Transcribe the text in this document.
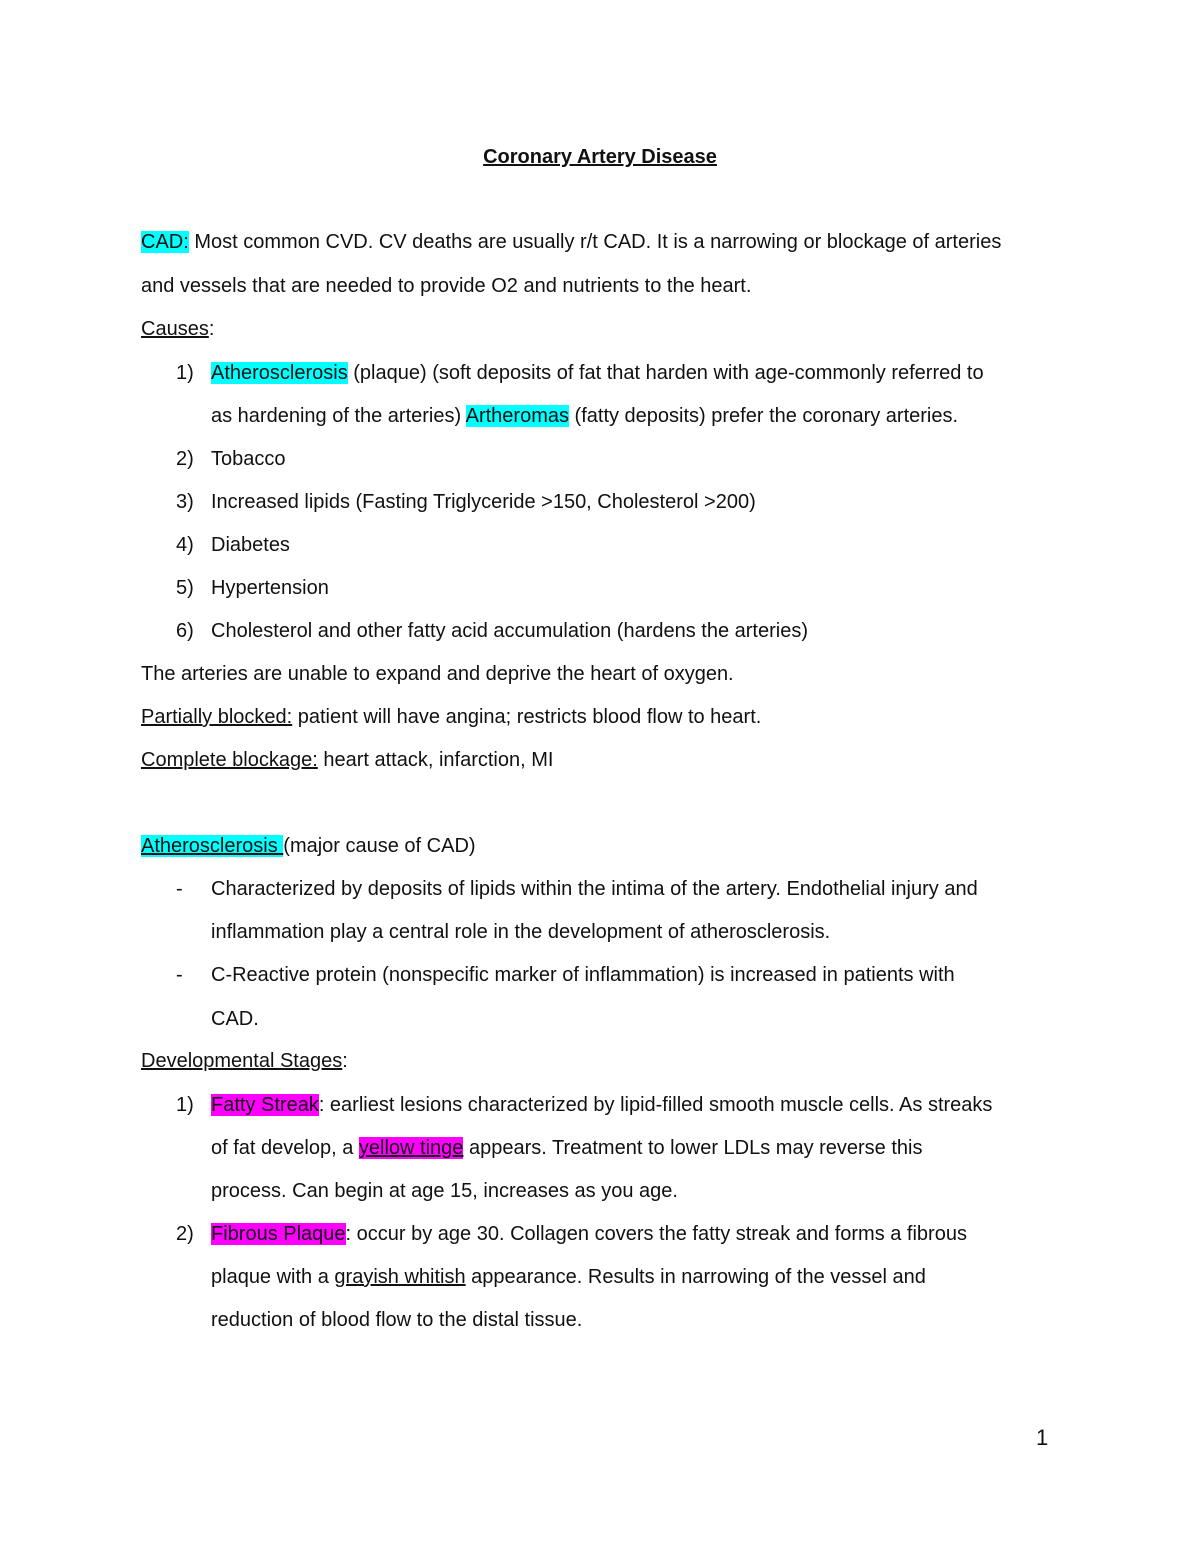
Coronary Artery Disease
CAD: Most common CVD. CV deaths are usually r/t CAD. It is a narrowing or blockage of arteries
and vessels that are needed to provide O2 and nutrients to the heart.
Causes:
1) Atherosclerosis (plaque) (soft deposits of fat that harden with age-commonly referred to
as hardening of the arteries) Artheromas (fatty deposits) prefer the coronary arteries.
2) Tobacco
3) Increased lipids (Fasting Triglyceride >150, Cholesterol >200)
4) Diabetes
5) Hypertension
6) Cholesterol and other fatty acid accumulation (hardens the arteries)
The arteries are unable to expand and deprive the heart of oxygen.
Partially blocked: patient will have angina; restricts blood flow to heart.
Complete blockage: heart attack, infarction, MI
Atherosclerosis (major cause of CAD)
- Characterized by deposits of lipids within the intima of the artery. Endothelial injury and
inflammation play a central role in the development of atherosclerosis.
- C-Reactive protein (nonspecific marker of inflammation) is increased in patients with
CAD.
Developmental Stages:
1) Fatty Streak: earliest lesions characterized by lipid-filled smooth muscle cells. As streaks
of fat develop, a yellow tinge appears. Treatment to lower LDLs may reverse this
process. Can begin at age 15, increases as you age.
2) Fibrous Plaque: occur by age 30. Collagen covers the fatty streak and forms a fibrous
plaque with a grayish whitish appearance. Results in narrowing of the vessel and
reduction of blood flow to the distal tissue.
1
